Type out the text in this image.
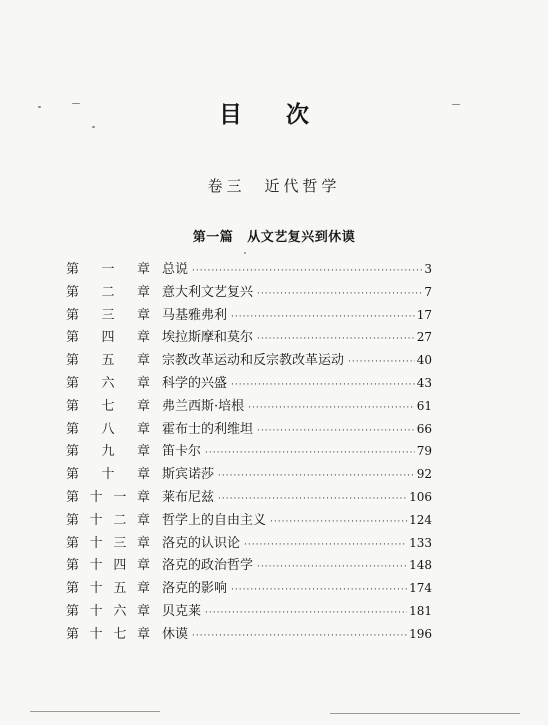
目次
卷三　近代哲学
第一篇 从文艺复兴到休谟
第 一 章 总说 ·····	3
第 二 章 意大利文艺复兴 ·····	7
第 三 章 马基雅弗利 ·····	17
第 四 章 埃拉斯摩和莫尔 ·····	27
第 五 章 宗教改革运动和反宗教改革运动 ·····	40
第 六 章 科学的兴盛 ·····	43
第 七 章 弗兰西斯·培根 ·····	61
第 八 章 霍布士的利维坦 ·····	66
第 九 章 笛卡尔 ·····	79
第 十 章 斯宾诺莎 ·····	92
第 十 一 章 莱布尼兹 ·····	106
第 十 二 章 哲学上的自由主义 ·····	124
第 十 三 章 洛克的认识论 ·····	133
第 十 四 章 洛克的政治哲学 ·····	148
第 十 五 章 洛克的影响 ·····	174
第 十 六 章 贝克莱 ·····	181
第 十 七 章 休谟 ·····	196
